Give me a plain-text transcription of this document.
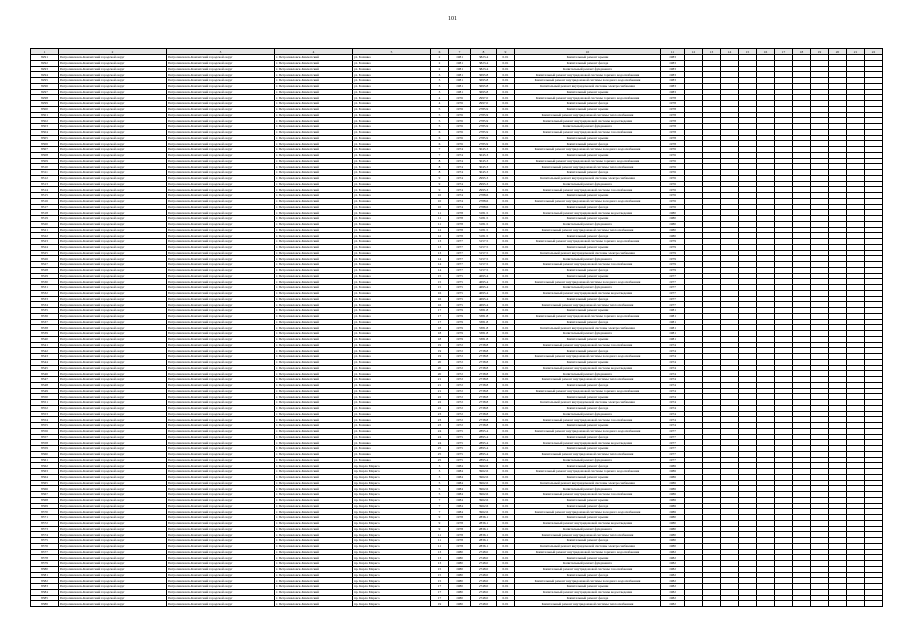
101
1	2	3	4	5	6	7	8	9	10	11	12	13	14	15	16	17	18	19	20	21	22
8291	Петропавловск-Камчатский городской округ	Петропавловск-Камчатский городской округ	г. Петропавловск-Камчатский	ул. Бохняка	2	1981	3823.4	0.01	Капитальный ремонт крыши	1983											
8292	Петропавловск-Камчатский городской округ	Петропавловск-Камчатский городской округ	г. Петропавловск-Камчатский	ул. Бохняка	2	1981	3823.4	0.01	Капитальный ремонт фасада	1983											
8293	Петропавловск-Камчатский городской округ	Петропавловск-Камчатский городской округ	г. Петропавловск-Камчатский	ул. Бохняка	2	1981	3823.4	0.01	Капитальный ремонт фундамента	1983											
8294	Петропавловск-Камчатский городской округ	Петропавловск-Камчатский городской округ	г. Петропавловск-Камчатский	ул. Бохняка	3	1981	3695.8	0.01	Капитальный ремонт внутридомовой системы горячего водоснабжения	1983											
8295	Петропавловск-Камчатский городской округ	Петропавловск-Камчатский городской округ	г. Петропавловск-Камчатский	ул. Бохняка	3	1981	3695.8	0.01	Капитальный ремонт внутридомовой системы холодного водоснабжения	1983											
8296	Петропавловск-Камчатский городской округ	Петропавловск-Камчатский городской округ	г. Петропавловск-Камчатский	ул. Бохняка	3	1981	3695.8	0.01	Капитальный ремонт внутридомовой системы электроснабжения	1983											
8297	Петропавловск-Камчатский городской округ	Петропавловск-Камчатский городской округ	г. Петропавловск-Камчатский	ул. Бохняка	3	1981	3695.8	0.01	Капитальный ремонт крыши	1983											
8298	Петропавловск-Камчатский городской округ	Петропавловск-Камчатский городской округ	г. Петропавловск-Камчатский	ул. Бохняка	4	1976	2997.0	0.01	Капитальный ремонт внутридомовой системы горячего водоснабжения	1978											
8299	Петропавловск-Камчатский городской округ	Петропавловск-Камчатский городской округ	г. Петропавловск-Камчатский	ул. Бохняка	4	1976	2997.0	0.01	Капитальный ремонт фасада	1978											
8300	Петропавловск-Камчатский городской округ	Петропавловск-Камчатский городской округ	г. Петропавловск-Камчатский	ул. Бохняка	5	1976	2785.9	0.01	Капитальный ремонт крыши	1978											
8301	Петропавловск-Камчатский городской округ	Петропавловск-Камчатский городской округ	г. Петропавловск-Камчатский	ул. Бохняка	5	1976	2785.9	0.01	Капитальный ремонт внутридомовой системы теплоснабжения	1978											
8302	Петропавловск-Камчатский городской округ	Петропавловск-Камчатский городской округ	г. Петропавловск-Камчатский	ул. Бохняка	5	1976	2785.9	0.01	Капитальный ремонт внутридомовой системы водоотведения	1978											
8303	Петропавловск-Камчатский городской округ	Петропавловск-Камчатский городской округ	г. Петропавловск-Камчатский	ул. Бохняка	5	1976	2785.9	0.01	Капитальный ремонт фундамента	1978											
8304	Петропавловск-Камчатский городской округ	Петропавловск-Камчатский городской округ	г. Петропавловск-Камчатский	ул. Бохняка	6	1976	2785.9	0.01	Капитальный ремонт внутридомовой системы газоснабжения	1978											
8305	Петропавловск-Камчатский городской округ	Петропавловск-Камчатский городской округ	г. Петропавловск-Камчатский	ул. Бохняка	6	1976	2785.9	0.01	Капитальный ремонт крыши	1978											
8306	Петропавловск-Камчатский городской округ	Петропавловск-Камчатский городской округ	г. Петропавловск-Камчатский	ул. Бохняка	6	1976	2785.9	0.01	Капитальный ремонт фасада	1978											
8307	Петропавловск-Камчатский городской округ	Петропавловск-Камчатский городской округ	г. Петропавловск-Камчатский	ул. Бохняка	7	1974	3045.3	0.01	Капитальный ремонт внутридомовой системы холодного водоснабжения	1976											
8308	Петропавловск-Камчатский городской округ	Петропавловск-Камчатский городской округ	г. Петропавловск-Камчатский	ул. Бохняка	7	1974	3045.3	0.01	Капитальный ремонт крыши	1976											
8309	Петропавловск-Камчатский городской округ	Петропавловск-Камчатский городской округ	г. Петропавловск-Камчатский	ул. Бохняка	8	1974	3045.3	0.01	Капитальный ремонт внутридомовой системы горячего водоснабжения	1976											
8310	Петропавловск-Камчатский городской округ	Петропавловск-Камчатский городской округ	г. Петропавловск-Камчатский	ул. Бохняка	8	1974	3045.3	0.01	Капитальный ремонт внутридомовой системы теплоснабжения	1976											
8311	Петропавловск-Камчатский городской округ	Петропавловск-Камчатский городской округ	г. Петропавловск-Камчатский	ул. Бохняка	8	1974	3045.3	0.01	Капитальный ремонт фасада	1976											
8312	Петропавловск-Камчатский городской округ	Петропавловск-Камчатский городской округ	г. Петропавловск-Камчатский	ул. Бохняка	9	1974	2995.3	0.01	Капитальный ремонт внутридомовой системы электроснабжения	1976											
8313	Петропавловск-Камчатский городской округ	Петропавловск-Камчатский городской округ	г. Петропавловск-Камчатский	ул. Бохняка	9	1974	2995.3	0.01	Капитальный ремонт фундамента	1976											
8314	Петропавловск-Камчатский городской округ	Петропавловск-Камчатский городской округ	г. Петропавловск-Камчатский	ул. Бохняка	9	1974	2995.3	0.01	Капитальный ремонт внутридомовой системы газоснабжения	1976											
8315	Петропавловск-Камчатский городской округ	Петропавловск-Камчатский городской округ	г. Петропавловск-Камчатский	ул. Бохняка	10	1974	2788.6	0.01	Капитальный ремонт крыши	1976											
8316	Петропавловск-Камчатский городской округ	Петропавловск-Камчатский городской округ	г. Петропавловск-Камчатский	ул. Бохняка	10	1974	2788.6	0.01	Капитальный ремонт внутридомовой системы холодного водоснабжения	1976											
8317	Петропавловск-Камчатский городской округ	Петропавловск-Камчатский городской округ	г. Петропавловск-Камчатский	ул. Бохняка	10	1974	2788.6	0.01	Капитальный ремонт фасада	1976											
8318	Петропавловск-Камчатский городской округ	Петропавловск-Камчатский городской округ	г. Петропавловск-Камчатский	ул. Бохняка	11	1978	3181.5	0.01	Капитальный ремонт внутридомовой системы водоотведения	1980											
8319	Петропавловск-Камчатский городской округ	Петропавловск-Камчатский городской округ	г. Петропавловск-Камчатский	ул. Бохняка	11	1978	3181.5	0.01	Капитальный ремонт крыши	1980											
8320	Петропавловск-Камчатский городской округ	Петропавловск-Камчатский городской округ	г. Петропавловск-Камчатский	ул. Бохняка	11	1978	3181.5	0.01	Капитальный ремонт фундамента	1980											
8321	Петропавловск-Камчатский городской округ	Петропавловск-Камчатский городской округ	г. Петропавловск-Камчатский	ул. Бохняка	12	1978	3181.5	0.01	Капитальный ремонт внутридомовой системы теплоснабжения	1980											
8322	Петропавловск-Камчатский городской округ	Петропавловск-Камчатский городской округ	г. Петропавловск-Камчатский	ул. Бохняка	12	1978	3181.5	0.01	Капитальный ремонт фасада	1980											
8323	Петропавловск-Камчатский городской округ	Петропавловск-Камчатский городской округ	г. Петропавловск-Камчатский	ул. Бохняка	13	1977	3157.5	0.01	Капитальный ремонт внутридомовой системы горячего водоснабжения	1979											
8324	Петропавловск-Камчатский городской округ	Петропавловск-Камчатский городской округ	г. Петропавловск-Камчатский	ул. Бохняка	13	1977	3157.5	0.01	Капитальный ремонт крыши	1979											
8325	Петропавловск-Камчатский городской округ	Петропавловск-Камчатский городской округ	г. Петропавловск-Камчатский	ул. Бохняка	13	1977	3157.5	0.01	Капитальный ремонт внутридомовой системы электроснабжения	1979											
8326	Петропавловск-Камчатский городской округ	Петропавловск-Камчатский городской округ	г. Петропавловск-Камчатский	ул. Бохняка	14	1977	3157.5	0.01	Капитальный ремонт фундамента	1979											
8327	Петропавловск-Камчатский городской округ	Петропавловск-Камчатский городской округ	г. Петропавловск-Камчатский	ул. Бохняка	14	1977	3157.5	0.01	Капитальный ремонт внутридомовой системы газоснабжения	1979											
8328	Петропавловск-Камчатский городской округ	Петропавловск-Камчатский городской округ	г. Петропавловск-Камчатский	ул. Бохняка	14	1977	3157.5	0.01	Капитальный ремонт фасада	1979											
8329	Петропавловск-Камчатский городской округ	Петропавловск-Камчатский городской округ	г. Петропавловск-Камчатский	ул. Бохняка	15	1975	4695.4	0.01	Капитальный ремонт крыши	1977											
8330	Петропавловск-Камчатский городской округ	Петропавловск-Камчатский городской округ	г. Петропавловск-Камчатский	ул. Бохняка	15	1975	4695.4	0.01	Капитальный ремонт внутридомовой системы холодного водоснабжения	1977											
8331	Петропавловск-Камчатский городской округ	Петропавловск-Камчатский городской округ	г. Петропавловск-Камчатский	ул. Бохняка	15	1975	4695.4	0.01	Капитальный ремонт фундамента	1977											
8332	Петропавловск-Камчатский городской округ	Петропавловск-Камчатский городской округ	г. Петропавловск-Камчатский	ул. Бохняка	16	1975	4695.4	0.01	Капитальный ремонт внутридомовой системы водоотведения	1977											
8333	Петропавловск-Камчатский городской округ	Петропавловск-Камчатский городской округ	г. Петропавловск-Камчатский	ул. Бохняка	16	1975	4695.4	0.01	Капитальный ремонт фасада	1977											
8334	Петропавловск-Камчатский городской округ	Петропавловск-Камчатский городской округ	г. Петропавловск-Камчатский	ул. Бохняка	16	1975	4695.4	0.01	Капитальный ремонт внутридомовой системы теплоснабжения	1977											
8335	Петропавловск-Камчатский городской округ	Петропавловск-Камчатский городской округ	г. Петропавловск-Камчатский	ул. Бохняка	17	1979	3381.8	0.01	Капитальный ремонт крыши	1981											
8336	Петропавловск-Камчатский городской округ	Петропавловск-Камчатский городской округ	г. Петропавловск-Камчатский	ул. Бохняка	17	1979	3381.8	0.01	Капитальный ремонт внутридомовой системы горячего водоснабжения	1981											
8337	Петропавловск-Камчатский городской округ	Петропавловск-Камчатский городской округ	г. Петропавловск-Камчатский	ул. Бохняка	17	1979	3381.8	0.01	Капитальный ремонт фасада	1981											
8338	Петропавловск-Камчатский городской округ	Петропавловск-Камчатский городской округ	г. Петропавловск-Камчатский	ул. Бохняка	18	1979	3381.8	0.01	Капитальный ремонт внутридомовой системы электроснабжения	1981											
8339	Петропавловск-Камчатский городской округ	Петропавловск-Камчатский городской округ	г. Петропавловск-Камчатский	ул. Бохняка	18	1979	3381.8	0.01	Капитальный ремонт фундамента	1981											
8340	Петропавловск-Камчатский городской округ	Петропавловск-Камчатский городской округ	г. Петропавловск-Камчатский	ул. Бохняка	18	1979	3381.8	0.01	Капитальный ремонт крыши	1981											
8341	Петропавловск-Камчатский городской округ	Петропавловск-Камчатский городской округ	г. Петропавловск-Камчатский	ул. Бохняка	19	1972	2738.8	0.01	Капитальный ремонт внутридомовой системы газоснабжения	1974											
8342	Петропавловск-Камчатский городской округ	Петропавловск-Камчатский городской округ	г. Петропавловск-Камчатский	ул. Бохняка	19	1972	2738.8	0.01	Капитальный ремонт фасада	1974											
8343	Петропавловск-Камчатский городской округ	Петропавловск-Камчатский городской округ	г. Петропавловск-Камчатский	ул. Бохняка	19	1972	2738.8	0.01	Капитальный ремонт внутридомовой системы холодного водоснабжения	1974											
8344	Петропавловск-Камчатский городской округ	Петропавловск-Камчатский городской округ	г. Петропавловск-Камчатский	ул. Бохняка	20	1972	2738.8	0.01	Капитальный ремонт крыши	1974											
8345	Петропавловск-Камчатский городской округ	Петропавловск-Камчатский городской округ	г. Петропавловск-Камчатский	ул. Бохняка	20	1972	2738.8	0.01	Капитальный ремонт внутридомовой системы водоотведения	1974											
8346	Петропавловск-Камчатский городской округ	Петропавловск-Камчатский городской округ	г. Петропавловск-Камчатский	ул. Бохняка	20	1972	2738.8	0.01	Капитальный ремонт фундамента	1974											
8347	Петропавловск-Камчатский городской округ	Петропавловск-Камчатский городской округ	г. Петропавловск-Камчатский	ул. Бохняка	21	1972	2738.8	0.01	Капитальный ремонт внутридомовой системы теплоснабжения	1974											
8348	Петропавловск-Камчатский городской округ	Петропавловск-Камчатский городской округ	г. Петропавловск-Камчатский	ул. Бохняка	21	1972	2738.8	0.01	Капитальный ремонт фасада	1974											
8349	Петропавловск-Камчатский городской округ	Петропавловск-Камчатский городской округ	г. Петропавловск-Камчатский	ул. Бохняка	21	1972	2738.8	0.01	Капитальный ремонт внутридомовой системы горячего водоснабжения	1974											
8350	Петропавловск-Камчатский городской округ	Петропавловск-Камчатский городской округ	г. Петропавловск-Камчатский	ул. Бохняка	22	1972	2738.8	0.01	Капитальный ремонт крыши	1974											
8351	Петропавловск-Камчатский городской округ	Петропавловск-Камчатский городской округ	г. Петропавловск-Камчатский	ул. Бохняка	22	1972	2738.8	0.01	Капитальный ремонт внутридомовой системы электроснабжения	1974											
8352	Петропавловск-Камчатский городской округ	Петропавловск-Камчатский городской округ	г. Петропавловск-Камчатский	ул. Бохняка	22	1972	2738.8	0.01	Капитальный ремонт фасада	1974											
8353	Петропавловск-Камчатский городской округ	Петропавловск-Камчатский городской округ	г. Петропавловск-Камчатский	ул. Бохняка	23	1972	2738.8	0.01	Капитальный ремонт фундамента	1974											
8354	Петропавловск-Камчатский городской округ	Петропавловск-Камчатский городской округ	г. Петропавловск-Камчатский	ул. Бохняка	23	1972	2738.8	0.01	Капитальный ремонт внутридомовой системы газоснабжения	1974											
8355	Петропавловск-Камчатский городской округ	Петропавловск-Камчатский городской округ	г. Петропавловск-Камчатский	ул. Бохняка	23	1972	2738.8	0.01	Капитальный ремонт крыши	1974											
8356	Петропавловск-Камчатский городской округ	Петропавловск-Камчатский городской округ	г. Петропавловск-Камчатский	ул. Бохняка	24	1975	2895.4	0.01	Капитальный ремонт внутридомовой системы холодного водоснабжения	1977											
8357	Петропавловск-Камчатский городской округ	Петропавловск-Камчатский городской округ	г. Петропавловск-Камчатский	ул. Бохняка	24	1975	2895.4	0.01	Капитальный ремонт фасада	1977											
8358	Петропавловск-Камчатский городской округ	Петропавловск-Камчатский городской округ	г. Петропавловск-Камчатский	ул. Бохняка	24	1975	2895.4	0.01	Капитальный ремонт внутридомовой системы водоотведения	1977											
8359	Петропавловск-Камчатский городской округ	Петропавловск-Камчатский городской округ	г. Петропавловск-Камчатский	ул. Бохняка	25	1975	2895.4	0.01	Капитальный ремонт крыши	1977											
8360	Петропавловск-Камчатский городской округ	Петропавловск-Камчатский городской округ	г. Петропавловск-Камчатский	ул. Бохняка	25	1975	2895.4	0.01	Капитальный ремонт внутридомовой системы теплоснабжения	1977											
8361	Петропавловск-Камчатский городской округ	Петропавловск-Камчатский городской округ	г. Петропавловск-Камчатский	ул. Бохняка	25	1975	2895.4	0.01	Капитальный ремонт фундамента	1977											
8362	Петропавловск-Камчатский городской округ	Петропавловск-Камчатский городской округ	г. Петропавловск-Камчатский	пр. Карла Маркса	3	1984	3962.6	0.01	Капитальный ремонт фасада	1986											
8363	Петропавловск-Камчатский городской округ	Петропавловск-Камчатский городской округ	г. Петропавловск-Камчатский	пр. Карла Маркса	3	1984	3962.6	0.01	Капитальный ремонт внутридомовой системы горячего водоснабжения	1986											
8364	Петропавловск-Камчатский городской округ	Петропавловск-Камчатский городской округ	г. Петропавловск-Камчатский	пр. Карла Маркса	3	1984	3962.6	0.01	Капитальный ремонт крыши	1986											
8365	Петропавловск-Камчатский городской округ	Петропавловск-Камчатский городской округ	г. Петропавловск-Камчатский	пр. Карла Маркса	5	1984	3962.6	0.01	Капитальный ремонт внутридомовой системы электроснабжения	1986											
8366	Петропавловск-Камчатский городской округ	Петропавловск-Камчатский городской округ	г. Петропавловск-Камчатский	пр. Карла Маркса	5	1984	3962.6	0.01	Капитальный ремонт фундамента	1986											
8367	Петропавловск-Камчатский городской округ	Петропавловск-Камчатский городской округ	г. Петропавловск-Камчатский	пр. Карла Маркса	5	1984	3962.6	0.01	Капитальный ремонт внутридомовой системы газоснабжения	1986											
8368	Петропавловск-Камчатский городской округ	Петропавловск-Камчатский городской округ	г. Петропавловск-Камчатский	пр. Карла Маркса	7	1984	3962.6	0.01	Капитальный ремонт крыши	1986											
8369	Петропавловск-Камчатский городской округ	Петропавловск-Камчатский городской округ	г. Петропавловск-Камчатский	пр. Карла Маркса	7	1984	3962.6	0.01	Капитальный ремонт фасада	1986											
8370	Петропавловск-Камчатский городской округ	Петропавловск-Камчатский городской округ	г. Петропавловск-Камчатский	пр. Карла Маркса	7	1984	3962.6	0.01	Капитальный ремонт внутридомовой системы холодного водоснабжения	1986											
8371	Петропавловск-Камчатский городской округ	Петропавловск-Камчатский городской округ	г. Петропавловск-Камчатский	пр. Карла Маркса	9	1978	2836.1	0.01	Капитальный ремонт крыши	1980											
8372	Петропавловск-Камчатский городской округ	Петропавловск-Камчатский городской округ	г. Петропавловск-Камчатский	пр. Карла Маркса	9	1978	2836.1	0.01	Капитальный ремонт внутридомовой системы водоотведения	1980											
8373	Петропавловск-Камчатский городской округ	Петропавловск-Камчатский городской округ	г. Петропавловск-Камчатский	пр. Карла Маркса	9	1978	2836.1	0.01	Капитальный ремонт фундамента	1980											
8374	Петропавловск-Камчатский городской округ	Петропавловск-Камчатский городской округ	г. Петропавловск-Камчатский	пр. Карла Маркса	11	1978	2836.1	0.01	Капитальный ремонт внутридомовой системы теплоснабжения	1980											
8375	Петропавловск-Камчатский городской округ	Петропавловск-Камчатский городской округ	г. Петропавловск-Камчатский	пр. Карла Маркса	11	1978	2836.1	0.01	Капитальный ремонт фасада	1980											
8376	Петропавловск-Камчатский городской округ	Петропавловск-Камчатский городской округ	г. Петропавловск-Камчатский	пр. Карла Маркса	11	1978	2836.1	0.01	Капитальный ремонт внутридомовой системы электроснабжения	1980											
8377	Петропавловск-Камчатский городской округ	Петропавловск-Камчатский городской округ	г. Петропавловск-Камчатский	пр. Карла Маркса	13	1980	2748.0	0.01	Капитальный ремонт внутридомовой системы горячего водоснабжения	1982											
8378	Петропавловск-Камчатский городской округ	Петропавловск-Камчатский городской округ	г. Петропавловск-Камчатский	пр. Карла Маркса	13	1980	2748.0	0.01	Капитальный ремонт крыши	1982											
8379	Петропавловск-Камчатский городской округ	Петропавловск-Камчатский городской округ	г. Петропавловск-Камчатский	пр. Карла Маркса	13	1980	2748.0	0.01	Капитальный ремонт фундамента	1982											
8380	Петропавловск-Камчатский городской округ	Петропавловск-Камчатский городской округ	г. Петропавловск-Камчатский	пр. Карла Маркса	15	1980	2748.0	0.01	Капитальный ремонт внутридомовой системы газоснабжения	1982											
8381	Петропавловск-Камчатский городской округ	Петропавловск-Камчатский городской округ	г. Петропавловск-Камчатский	пр. Карла Маркса	15	1980	2748.0	0.01	Капитальный ремонт фасада	1982											
8382	Петропавловск-Камчатский городской округ	Петропавловск-Камчатский городской округ	г. Петропавловск-Камчатский	пр. Карла Маркса	15	1980	2748.0	0.01	Капитальный ремонт внутридомовой системы холодного водоснабжения	1982											
8383	Петропавловск-Камчатский городской округ	Петропавловск-Камчатский городской округ	г. Петропавловск-Камчатский	пр. Карла Маркса	17	1980	2748.0	0.01	Капитальный ремонт крыши	1982											
8384	Петропавловск-Камчатский городской округ	Петропавловск-Камчатский городской округ	г. Петропавловск-Камчатский	пр. Карла Маркса	17	1980	2748.0	0.01	Капитальный ремонт внутридомовой системы водоотведения	1982											
8385	Петропавловск-Камчатский городской округ	Петропавловск-Камчатский городской округ	г. Петропавловск-Камчатский	пр. Карла Маркса	17	1980	2748.0	0.01	Капитальный ремонт фасада	1982											
8386	Петропавловск-Камчатский городской округ	Петропавловск-Камчатский городской округ	г. Петропавловск-Камчатский	пр. Карла Маркса	19	1980	2748.0	0.01	Капитальный ремонт внутридомовой системы теплоснабжения	1982											
